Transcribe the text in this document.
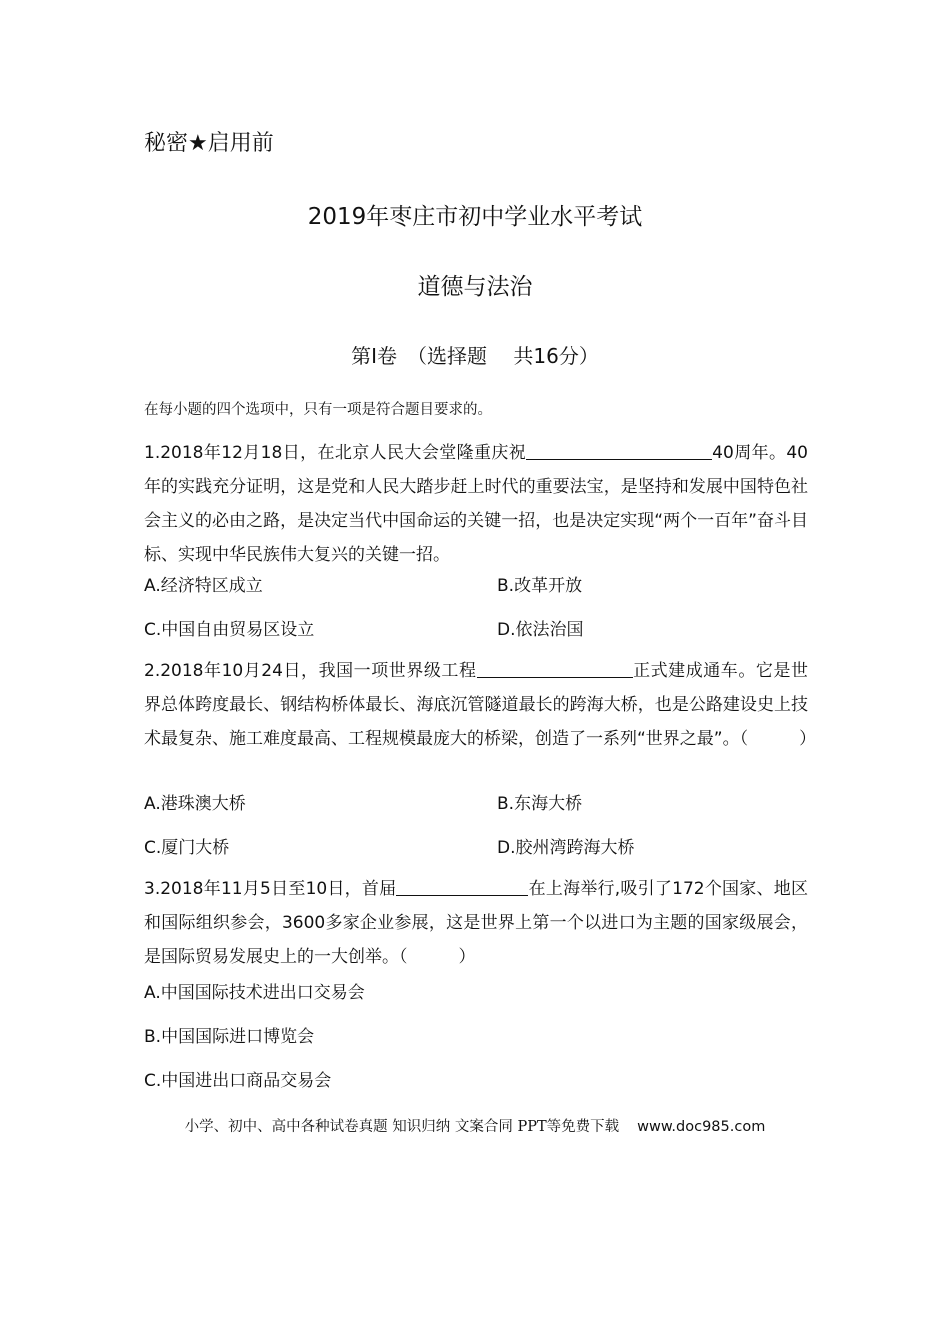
秘密★启用前
2019年枣庄市初中学业水平考试
道德与法治
第Ⅰ卷　（选择题　 共16分）
在每小题的四个选项中，只有一项是符合题目要求的。
1.2018年12月18日，在北京人民大会堂隆重庆祝	40周年。40年的实践充分证明，这是党和人民大踏步赶上时代的重要法宝，是坚持和发展中国特色社会主义的必由之路，是决定当代中国命运的关键一招，也是决定实现“两个一百年”奋斗目标、实现中华民族伟大复兴的关键一招。
A.经济特区成立	B.改革开放
C.中国自由贸易区设立	D.依法治国
2.2018年10月24日，我国一项世界级工程	正式建成通车。它是世界总体跨度最长、钢结构桥体最长、海底沉管隧道最长的跨海大桥，也是公路建设史上技术最复杂、施工难度最高、工程规模最庞大的桥梁，创造了一系列“世界之最”。（　　　）
A.港珠澳大桥	B.东海大桥
C.厦门大桥	D.胶州湾跨海大桥
3.2018年11月5日至10日，首届	在上海举行,吸引了172个国家、地区和国际组织参会，3600多家企业参展，这是世界上第一个以进口为主题的国家级展会，是国际贸易发展史上的一大创举。（　　　）
A.中国国际技术进出口交易会
B.中国国际进口博览会
C.中国进出口商品交易会
小学、初中、高中各种试卷真题 知识归纳 文案合同 PPT等免费下载 www.doc985.com
